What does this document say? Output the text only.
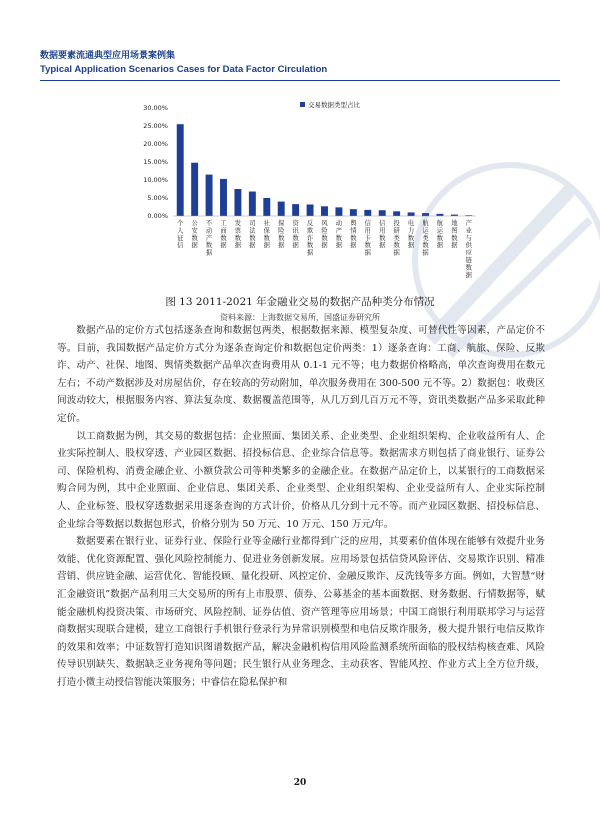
数据要素流通典型应用场景案例集
Typical Application Scenarios Cases for Data Factor Circulation
交易数据类型占比
0.00%
5.00%
10.00%
15.00%
20.00%
25.00%
30.00%
个人征信
公安数据
不动产数据
工商数据
发票数据
司法数据
社保数据
保险数据
资讯数据
反欺诈数据
风险数据
动产数据
舆情数据
信用卡数据
信用数据
投研类数据
电力数据
航运类数据
航运数据
地图数据
产业与供应链数据
图 13 2011-2021 年金融业交易的数据产品种类分布情况
资料来源：上海数据交易所，国盛证券研究所

数据产品的定价方式包括逐条查询和数据包两类，根据数据来源、模型复杂度、可替代性等因素，产品定价不等。目前，我国数据产品定价方式分为逐条查询定价和数据包定价两类：1）逐条查询：工商、航旅、保险、反欺诈、动产、社保、地图、舆情类数据产品单次查询费用从 0.1-1 元不等；电力数据价格略高，单次查询费用在数元左右；不动产数据涉及对房屋估价，存在较高的劳动附加，单次服务费用在 300-500 元不等。2）数据包：收费区间波动较大，根据服务内容、算法复杂度、数据覆盖范围等，从几万到几百万元不等，资讯类数据产品多采取此种定价。

以工商数据为例，其交易的数据包括：企业照面、集团关系、企业类型、企业组织架构、企业收益所有人、企业实际控制人、股权穿透、产业园区数据、招投标信息、企业综合信息等。数据需求方则包括了商业银行、证券公司、保险机构、消费金融企业、小额贷款公司等种类繁多的金融企业。在数据产品定价上，以某银行的工商数据采购合同为例，其中企业照面、企业信息、集团关系、企业类型、企业组织架构、企业受益所有人、企业实际控制人、企业标签、股权穿透数据采用逐条查询的方式计价，价格从几分到十元不等。而产业园区数据、招投标信息、企业综合等数据以数据包形式，价格分别为 50 万元、10 万元、150 万元/年。

数据要素在银行业、证券行业、保险行业等金融行业都得到广泛的应用，其要素价值体现在能够有效提升业务效能、优化资源配置、强化风险控制能力、促进业务创新发展。应用场景包括信贷风险评估、交易欺诈识别、精准营销、供应链金融、运营优化、智能投顾、量化投研、风控定价、金融反欺诈、反洗钱等多方面。例如，大智慧“财汇金融资讯”数据产品利用三大交易所的所有上市股票、债券、公募基金的基本面数据、财务数据、行情数据等，赋能金融机构投资决策、市场研究、风险控制、证券估值、资产管理等应用场景；中国工商银行利用联邦学习与运营商数据实现联合建模，建立工商银行手机银行登录行为异常识别模型和电信反欺诈服务，极大提升银行电信反欺诈的效果和效率；中证数智打造知识图谱数据产品，解决金融机构信用风险监测系统所面临的股权结构核查难、风险传导识别缺失、数据缺乏业务视角等问题；民生银行从业务理念、主动获客、智能风控、作业方式上全方位升级，打造小微主动授信智能决策服务；中睿信在隐私保护和

20
